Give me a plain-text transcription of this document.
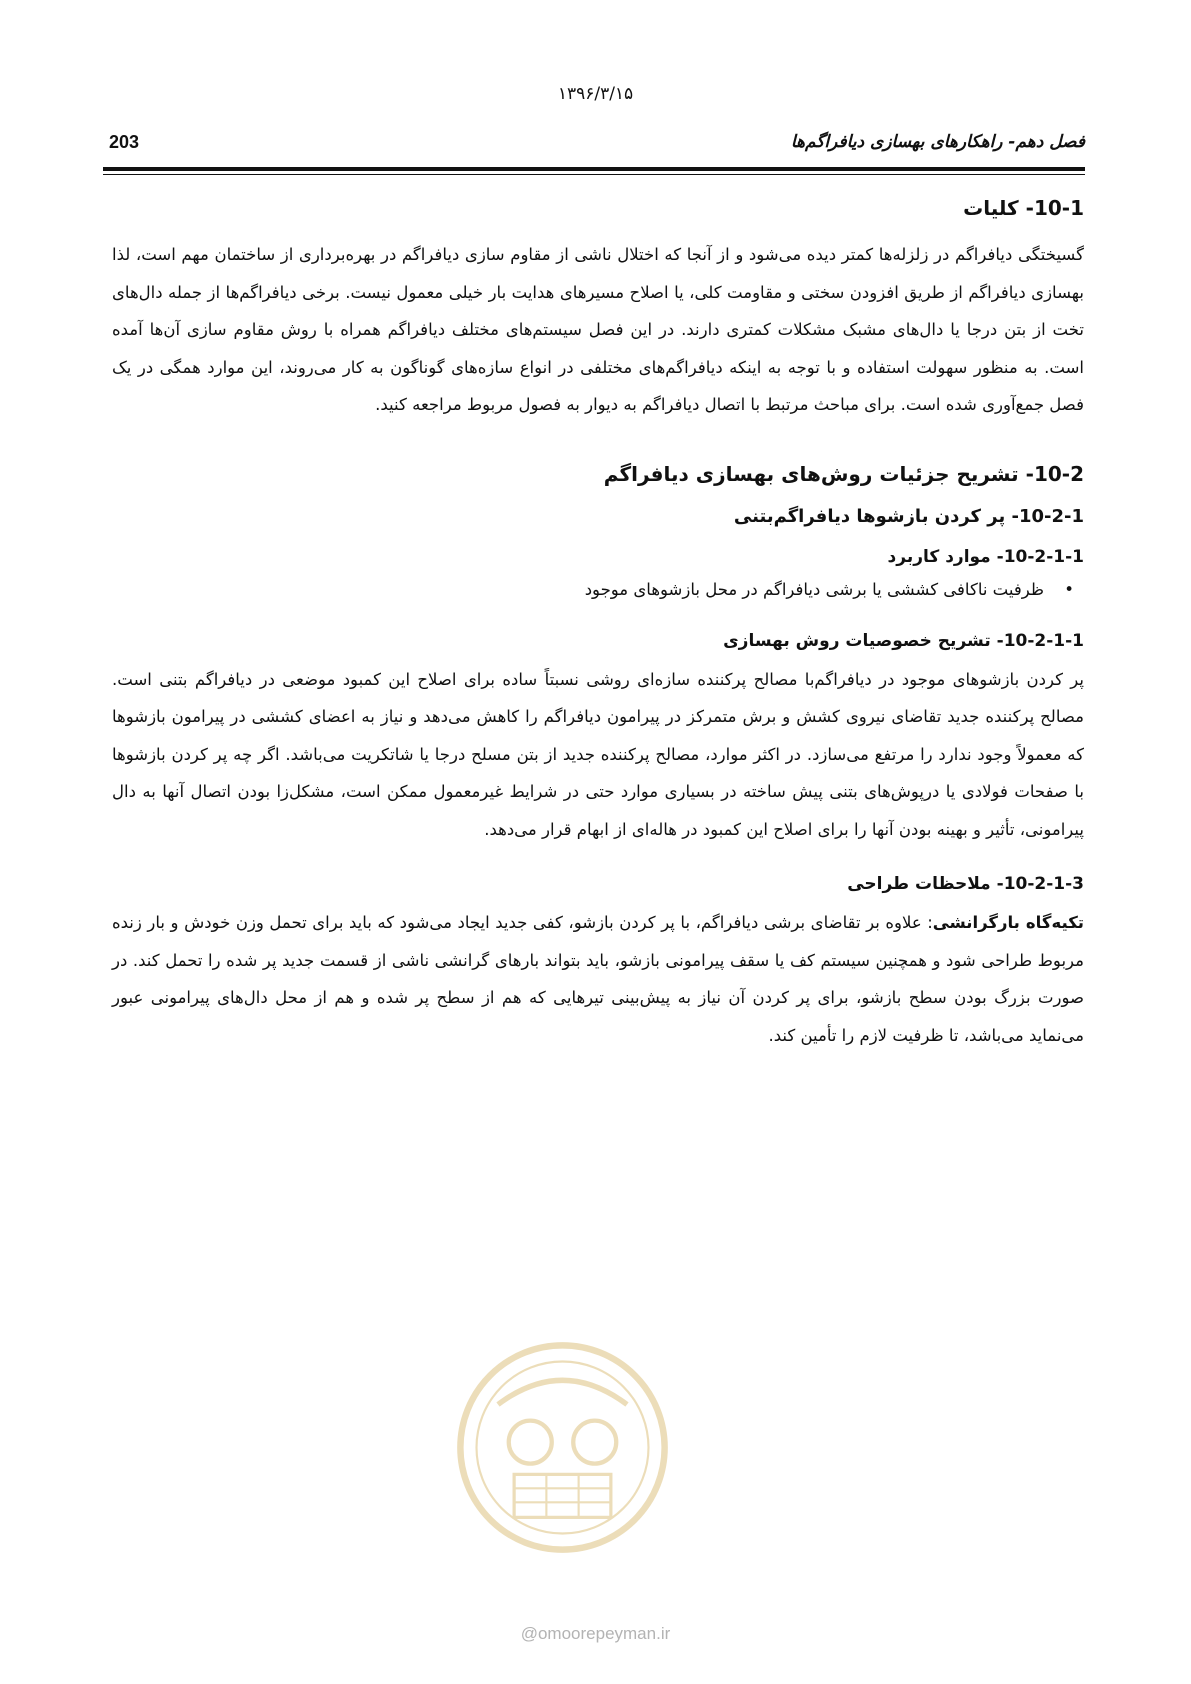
۱۳۹۶/۳/۱۵
203	فصل دهم- راهکارهای بهسازی دیافراگم‌ها
10-1- کلیات

گسیختگی دیافراگم در زلزله‌ها کمتر دیده می‌شود و از آنجا که اختلال ناشی از مقاوم سازی دیافراگم در بهره‌برداری از ساختمان مهم است، لذا بهسازی دیافراگم از طریق افزودن سختی و مقاومت کلی، یا اصلاح مسیرهای هدایت بار خیلی معمول نیست. برخی دیافراگم‌ها از جمله دال‌های تخت از بتن درجا یا دال‌های مشبک مشکلات کمتری دارند. در این فصل سیستم‌های مختلف دیافراگم همراه با روش مقاوم سازی آن‌ها آمده است. به منظور سهولت استفاده و با توجه به اینکه دیافراگم‌های مختلفی در انواع سازه‌های گوناگون به کار می‌روند، این موارد همگی در یک فصل جمع‌آوری شده است. برای مباحث مرتبط با اتصال دیافراگم به دیوار به فصول مربوط مراجعه کنید.

10-2- تشریح جزئیات روش‌های بهسازی دیافراگم
10-2-1- پر کردن بازشوها دیافراگم‌بتنی
10-2-1-1- موارد کاربرد
• ظرفیت ناکافی کششی یا برشی دیافراگم در محل بازشوهای موجود
10-2-1-1- تشریح خصوصیات روش بهسازی

پر کردن بازشوهای موجود در دیافراگم‌با مصالح پرکننده سازه‌ای روشی نسبتاً ساده برای اصلاح این کمبود موضعی در دیافراگم بتنی است. مصالح پرکننده جدید تقاضای نیروی کشش و برش متمرکز در پیرامون دیافراگم را کاهش می‌دهد و نیاز به اعضای کششی در پیرامون بازشوها که معمولاً وجود ندارد را مرتفع می‌سازد. در اکثر موارد، مصالح پرکننده جدید از بتن مسلح درجا یا شاتکریت می‌باشد. اگر چه پر کردن بازشوها با صفحات فولادی یا درپوش‌های بتنی پیش ساخته در بسیاری موارد حتی در شرایط غیرمعمول ممکن است، مشکل‌زا بودن اتصال آنها به دال پیرامونی، تأثیر و بهینه بودن آنها را برای اصلاح این کمبود در هاله‌ای از ابهام قرار می‌دهد.

10-2-1-3- ملاحظات طراحی

تکیه‌گاه بارگرانشی: علاوه بر تقاضای برشی دیافراگم، با پر کردن بازشو، کفی جدید ایجاد می‌شود که باید برای تحمل وزن خودش و بار زنده مربوط طراحی شود و همچنین سیستم کف یا سقف پیرامونی بازشو، باید بتواند بارهای گرانشی ناشی از قسمت جدید پر شده را تحمل کند. در صورت بزرگ بودن سطح بازشو، برای پر کردن آن نیاز به پیش‌بینی تیرهایی که هم از سطح پر شده و هم از محل دال‌های پیرامونی عبور می‌نماید می‌باشد، تا ظرفیت لازم را تأمین کند.

@omoorepeyman.ir
